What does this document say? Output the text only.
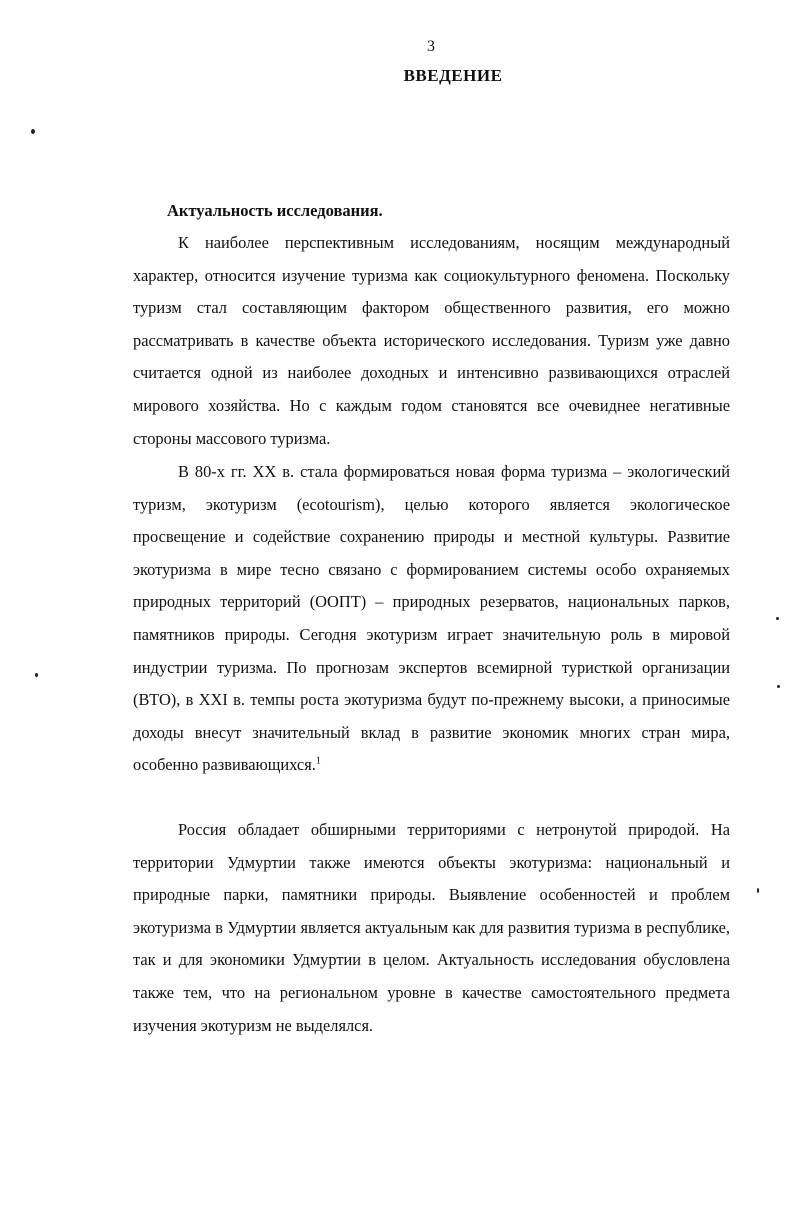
3
ВВЕДЕНИЕ
Актуальность исследования.
К наиболее перспективным исследованиям, носящим международный характер, относится изучение туризма как социокультурного феномена. Поскольку туризм стал составляющим фактором общественного развития, его можно рассматривать в качестве объекта исторического исследования. Туризм уже давно считается одной из наиболее доходных и интенсивно развивающихся отраслей мирового хозяйства. Но с каждым годом становятся все очевиднее негативные стороны массового туризма.
В 80-х гг. XX в. стала формироваться новая форма туризма – экологический туризм, экотуризм (ecotourism), целью которого является экологическое просвещение и содействие сохранению природы и местной культуры. Развитие экотуризма в мире тесно связано с формированием системы особо охраняемых природных территорий (ООПТ) – природных резерватов, национальных парков, памятников природы. Сегодня экотуризм играет значительную роль в мировой индустрии туризма. По прогнозам экспертов всемирной туристкой организации (ВТО), в XXI в. темпы роста экотуризма будут по-прежнему высоки, а приносимые доходы внесут значительный вклад в развитие экономик многих стран мира, особенно развивающихся.$^1$
Россия обладает обширными территориями с нетронутой природой. На территории Удмуртии также имеются объекты экотуризма: национальный и природные парки, памятники природы. Выявление особенностей и проблем экотуризма в Удмуртии является актуальным как для развития туризма в республике, так и для экономики Удмуртии в целом. Актуальность исследования обусловлена также тем, что на региональном уровне в качестве самостоятельного предмета изучения экотуризм не выделялся.
